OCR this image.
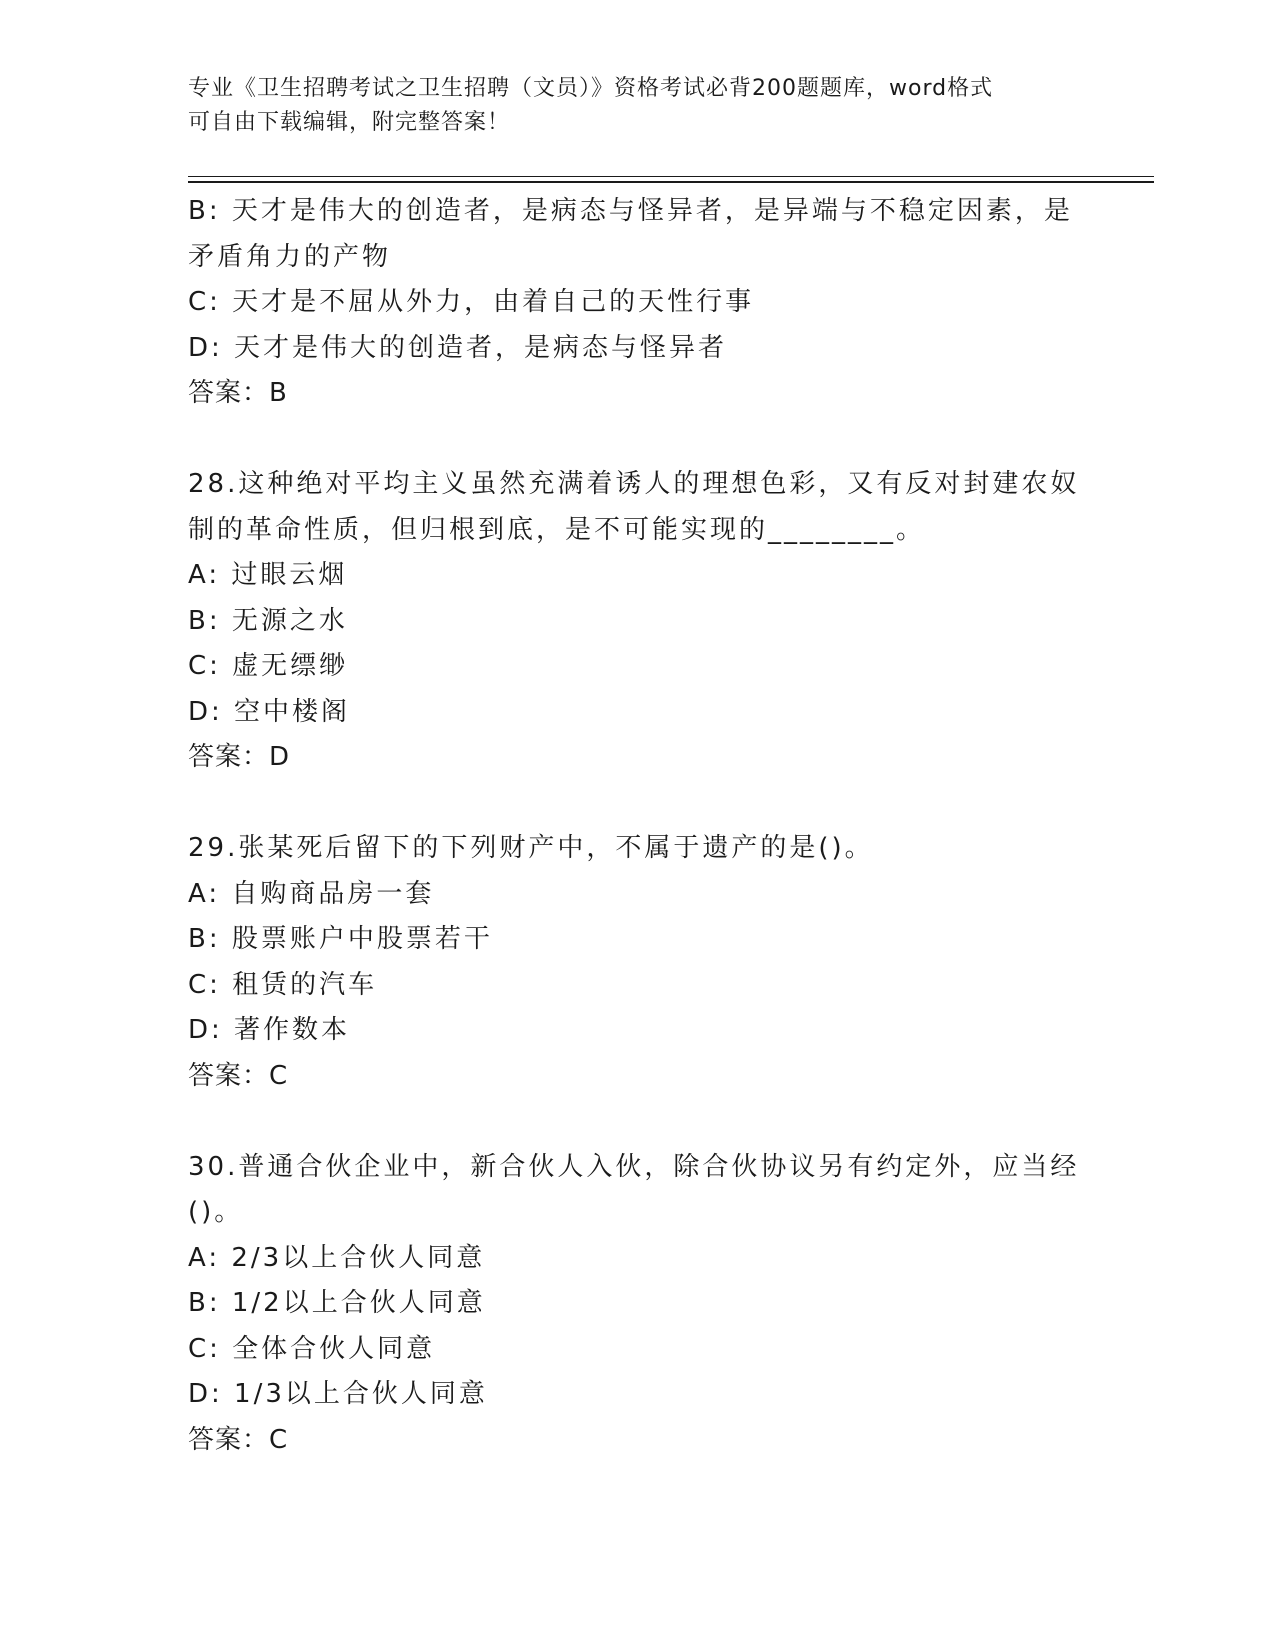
专业《卫生招聘考试之卫生招聘（文员）》资格考试必背200题题库，word格式
可自由下载编辑，附完整答案！
B: 天才是伟大的创造者，是病态与怪异者，是异端与不稳定因素，是
矛盾角力的产物
C: 天才是不屈从外力，由着自己的天性行事
D: 天才是伟大的创造者，是病态与怪异者
答案：B
28.这种绝对平均主义虽然充满着诱人的理想色彩，又有反对封建农奴
制的革命性质，但归根到底，是不可能实现的________。
A: 过眼云烟
B: 无源之水
C: 虚无缥缈
D: 空中楼阁
答案：D
29.张某死后留下的下列财产中，不属于遗产的是()。
A: 自购商品房一套
B: 股票账户中股票若干
C: 租赁的汽车
D: 著作数本
答案：C
30.普通合伙企业中，新合伙人入伙，除合伙协议另有约定外，应当经
()。
A: 2/3以上合伙人同意
B: 1/2以上合伙人同意
C: 全体合伙人同意
D: 1/3以上合伙人同意
答案：C
